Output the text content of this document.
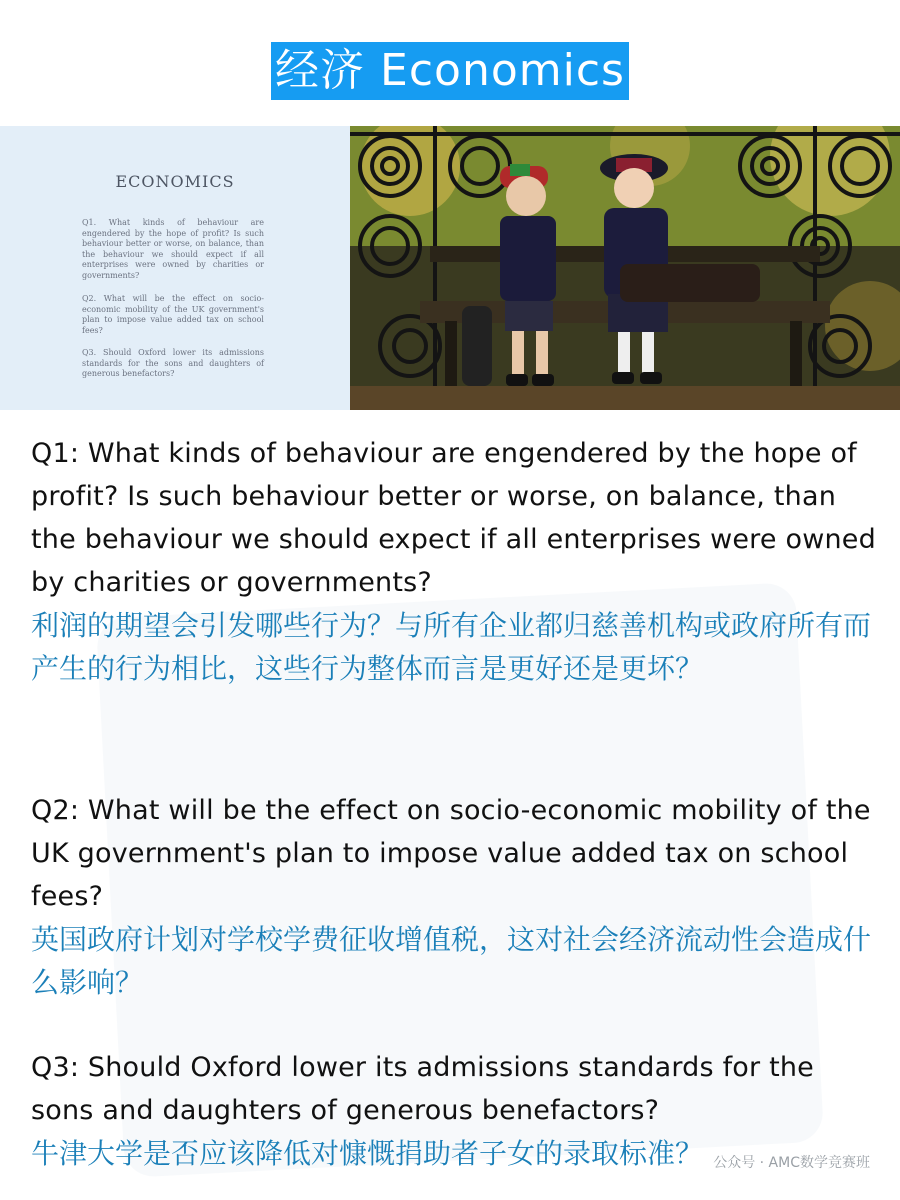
经济 Economics
ECONOMICS
Q1. What kinds of behaviour are engendered by the hope of profit? Is such behaviour better or worse, on balance, than the behaviour we should expect if all enterprises were owned by charities or governments?
Q2. What will be the effect on socio-economic mobility of the UK government's plan to impose value added tax on school fees?
Q3. Should Oxford lower its admissions standards for the sons and daughters of generous benefactors?
Q1: What kinds of behaviour are engendered by the hope of profit? Is such behaviour better or worse, on balance, than the behaviour we should expect if all enterprises were owned by charities or governments?
利润的期望会引发哪些行为？与所有企业都归慈善机构或政府所有而产生的行为相比，这些行为整体而言是更好还是更坏？
Q2: What will be the effect on socio-economic mobility of the UK government's plan to impose value added tax on school fees?
英国政府计划对学校学费征收增值税，这对社会经济流动性会造成什么影响？
Q3: Should Oxford lower its admissions standards for the sons and daughters of generous benefactors?
牛津大学是否应该降低对慷慨捐助者子女的录取标准？ 公众号 · AMC数学竞赛班
